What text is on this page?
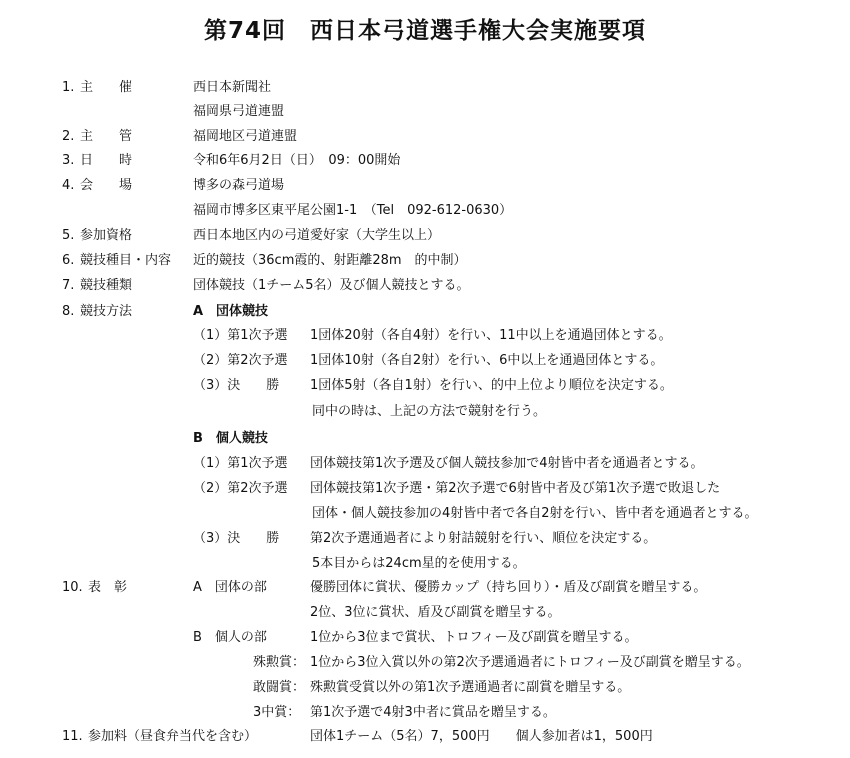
第74回　西日本弓道選手権大会実施要項
1. 主　　催	西日本新聞社
福岡県弓道連盟
2. 主　　管	福岡地区弓道連盟
3. 日　　時	令和6年6月2日（日）　09：00開始
4. 会　　場	博多の森弓道場
福岡市博多区東平尾公園1-1　（Tel　092-612-0630）
5. 参加資格	西日本地区内の弓道愛好家（大学生以上）
6. 競技種目・内容 近的競技（36cm霞的、射距離28m　的中制）
7. 競技種類	団体競技（1チーム5名）及び個人競技とする。
8. 競技方法	A　団体競技
（1）第1次予選 1団体20射（各自4射）を行い、11中以上を通過団体とする。
（2）第2次予選 1団体10射（各自2射）を行い、6中以上を通過団体とする。
（3）決　　勝 1団体5射（各自1射）を行い、的中上位より順位を決定する。
同中の時は、上記の方法で競射を行う。
B　個人競技
（1）第1次予選 団体競技第1次予選及び個人競技参加で4射皆中者を通過者とする。
（2）第2次予選 団体競技第1次予選・第2次予選で6射皆中者及び第1次予選で敗退した
団体・個人競技参加の4射皆中者で各自2射を行い、皆中者を通過者とする。
（3）決　　勝 第2次予選通過者により射詰競射を行い、順位を決定する。
5本目からは24cm星的を使用する。
10. 表　彰	A　団体の部	優勝団体に賞状、優勝カップ（持ち回り）・盾及び副賞を贈呈する。
2位、3位に賞状、盾及び副賞を贈呈する。
B　個人の部	1位から3位まで賞状、トロフィー及び副賞を贈呈する。
殊勲賞： 1位から3位入賞以外の第2次予選通過者にトロフィー及び副賞を贈呈する。
敢闘賞： 殊勲賞受賞以外の第1次予選通過者に副賞を贈呈する。
3中賞： 第1次予選で4射3中者に賞品を贈呈する。
11. 参加料（昼食弁当代を含む）	団体1チーム（5名）7，500円　　個人参加者は1，500円
